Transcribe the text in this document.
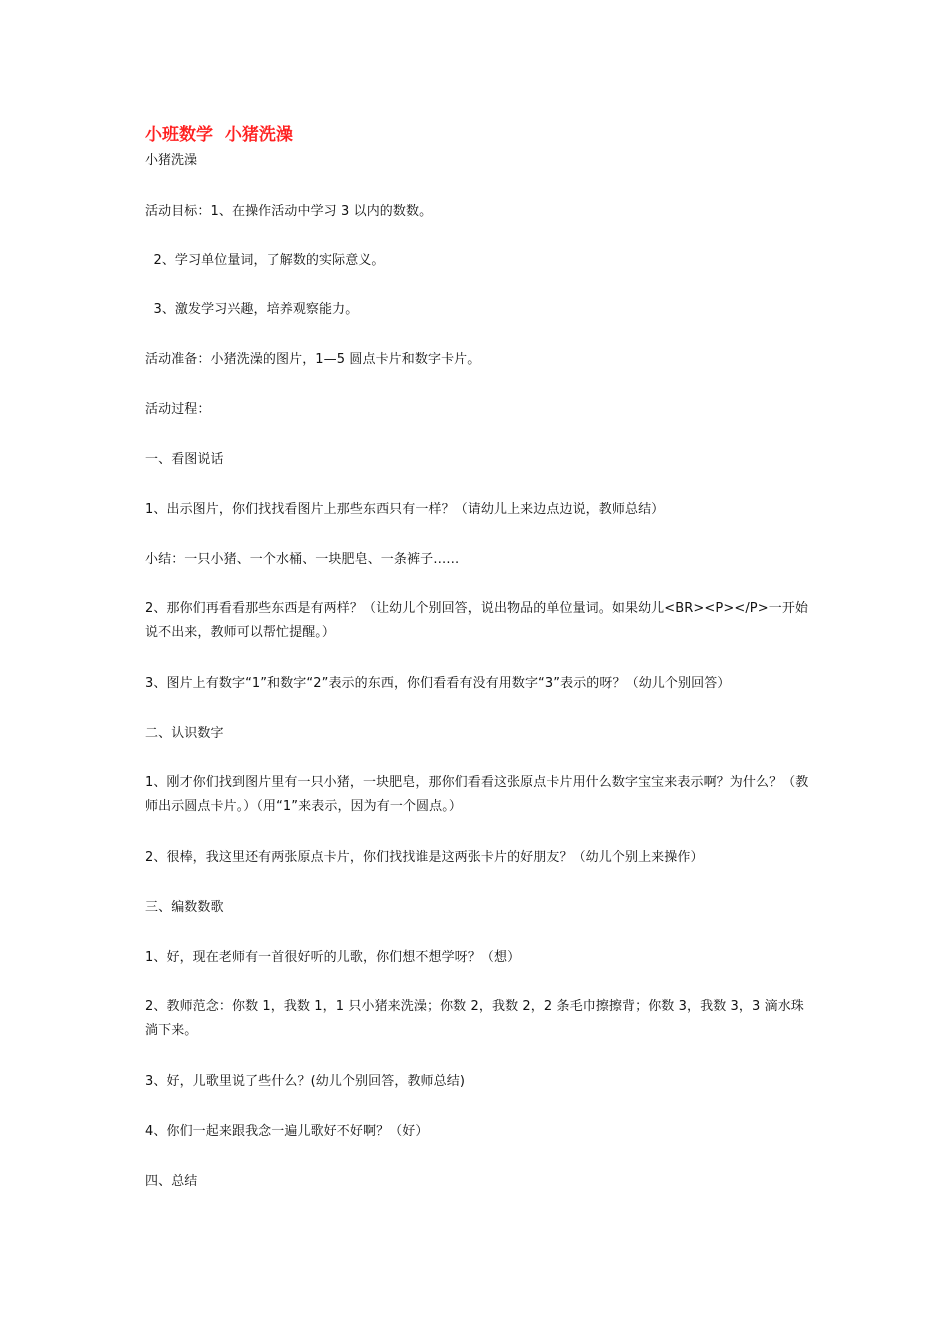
小班数学  小猪洗澡
小猪洗澡

活动目标：1、在操作活动中学习 3 以内的数数。

2、学习单位量词，了解数的实际意义。

3、激发学习兴趣，培养观察能力。

活动准备：小猪洗澡的图片，1—5 圆点卡片和数字卡片。

活动过程：

一、看图说话

1、出示图片，你们找找看图片上那些东西只有一样？（请幼儿上来边点边说，教师总结）

小结：一只小猪、一个水桶、一块肥皂、一条裤子……

2、那你们再看看那些东西是有两样？（让幼儿个别回答，说出物品的单位量词。如果幼儿<BR><P></P>一开始说不出来，教师可以帮忙提醒。）

3、图片上有数字“1”和数字“2”表示的东西，你们看看有没有用数字“3”表示的呀？（幼儿个别回答）

二、认识数字

1、刚才你们找到图片里有一只小猪，一块肥皂，那你们看看这张原点卡片用什么数字宝宝来表示啊？为什么？（教师出示圆点卡片。）（用“1”来表示，因为有一个圆点。）

2、很棒，我这里还有两张原点卡片，你们找找谁是这两张卡片的好朋友？（幼儿个别上来操作）

三、编数数歌

1、好，现在老师有一首很好听的儿歌，你们想不想学呀？（想）

2、教师范念：你数 1，我数 1，1 只小猪来洗澡；你数 2，我数 2，2 条毛巾擦擦背；你数 3，我数 3，3 滴水珠淌下来。

3、好，儿歌里说了些什么？(幼儿个别回答，教师总结)

4、你们一起来跟我念一遍儿歌好不好啊？（好）

四、总结
